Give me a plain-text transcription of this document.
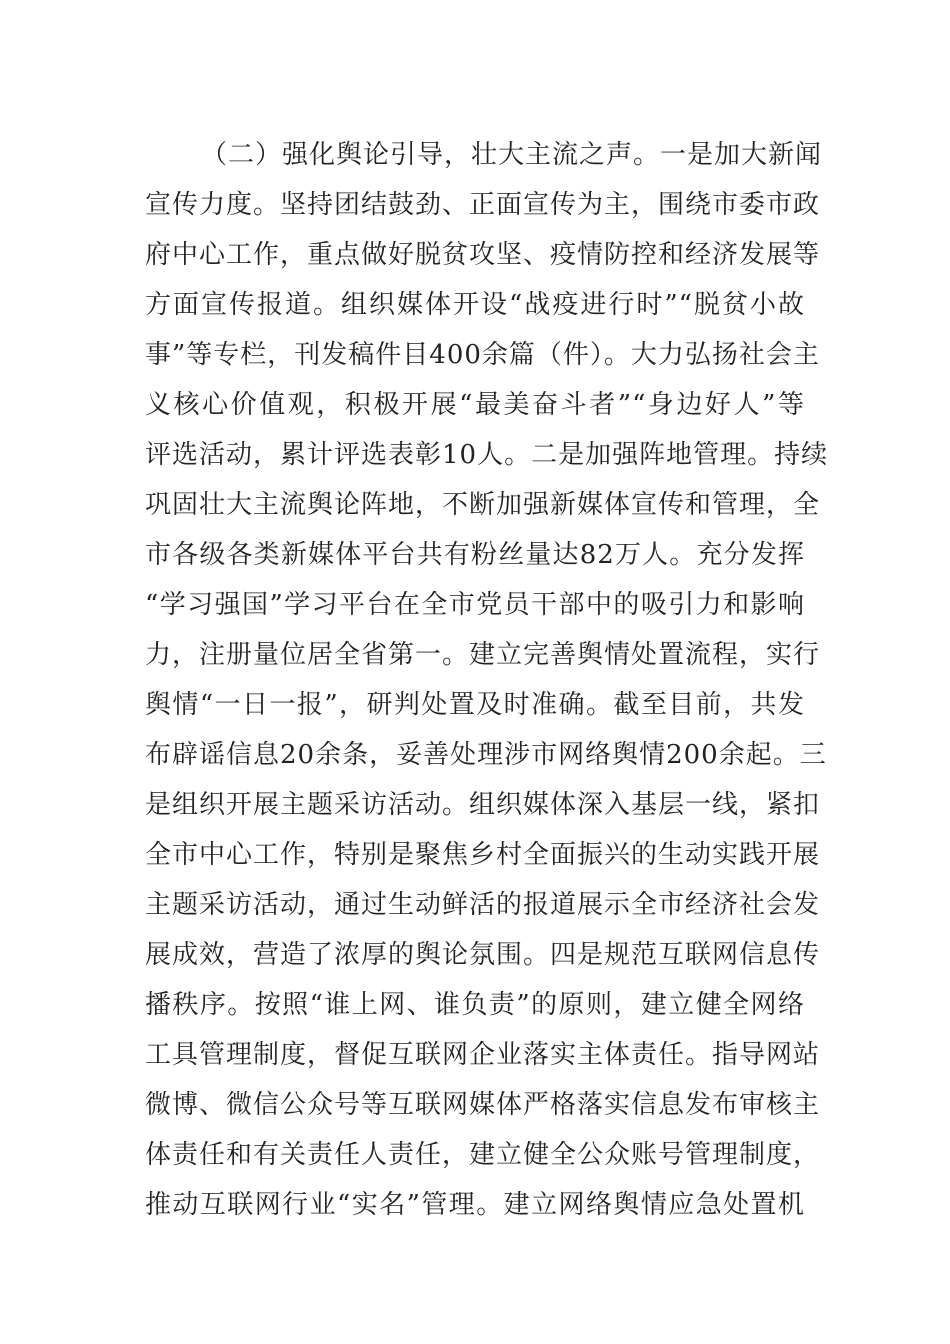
（二）强化舆论引导，壮大主流之声。一是加大新闻
宣传力度。坚持团结鼓劲、正面宣传为主，围绕市委市政
府中心工作，重点做好脱贫攻坚、疫情防控和经济发展等
方面宣传报道。组织媒体开设“战疫进行时”“脱贫小故
事”等专栏，刊发稿件目400余篇（件）。大力弘扬社会主
义核心价值观，积极开展“最美奋斗者”“身边好人”等
评选活动，累计评选表彰10人。二是加强阵地管理。持续
巩固壮大主流舆论阵地，不断加强新媒体宣传和管理，全
市各级各类新媒体平台共有粉丝量达82万人。充分发挥
“学习强国”学习平台在全市党员干部中的吸引力和影响
力，注册量位居全省第一。建立完善舆情处置流程，实行
舆情“一日一报”，研判处置及时准确。截至目前，共发
布辟谣信息20余条，妥善处理涉市网络舆情200余起。三
是组织开展主题采访活动。组织媒体深入基层一线，紧扣
全市中心工作，特别是聚焦乡村全面振兴的生动实践开展
主题采访活动，通过生动鲜活的报道展示全市经济社会发
展成效，营造了浓厚的舆论氛围。四是规范互联网信息传
播秩序。按照“谁上网、谁负责”的原则，建立健全网络
工具管理制度，督促互联网企业落实主体责任。指导网站
微博、微信公众号等互联网媒体严格落实信息发布审核主
体责任和有关责任人责任，建立健全公众账号管理制度，
推动互联网行业“实名”管理。建立网络舆情应急处置机
